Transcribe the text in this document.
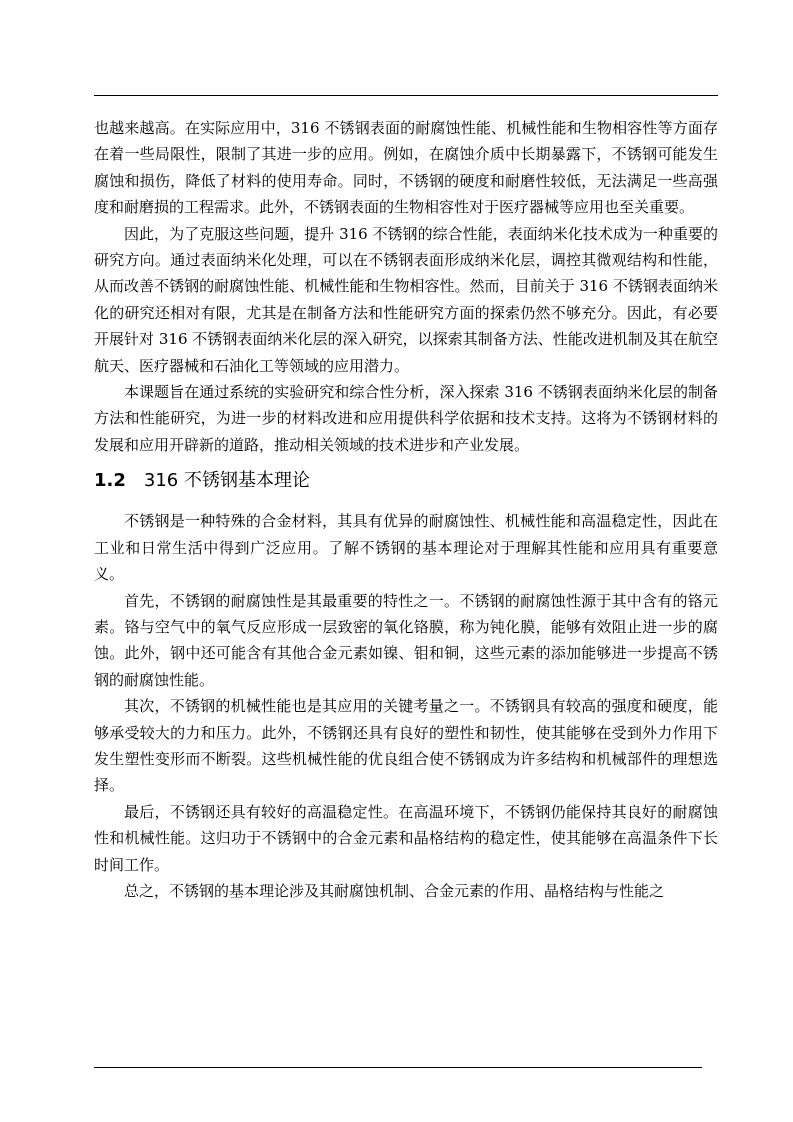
也越来越高。在实际应用中，316 不锈钢表面的耐腐蚀性能、机械性能和生物相容性等方面存在着一些局限性，限制了其进一步的应用。例如，在腐蚀介质中长期暴露下，不锈钢可能发生腐蚀和损伤，降低了材料的使用寿命。同时，不锈钢的硬度和耐磨性较低，无法满足一些高强度和耐磨损的工程需求。此外，不锈钢表面的生物相容性对于医疗器械等应用也至关重要。

因此，为了克服这些问题，提升 316 不锈钢的综合性能，表面纳米化技术成为一种重要的研究方向。通过表面纳米化处理，可以在不锈钢表面形成纳米化层，调控其微观结构和性能，从而改善不锈钢的耐腐蚀性能、机械性能和生物相容性。然而，目前关于 316 不锈钢表面纳米化的研究还相对有限，尤其是在制备方法和性能研究方面的探索仍然不够充分。因此，有必要开展针对 316 不锈钢表面纳米化层的深入研究，以探索其制备方法、性能改进机制及其在航空航天、医疗器械和石油化工等领域的应用潜力。

本课题旨在通过系统的实验研究和综合性分析，深入探索 316 不锈钢表面纳米化层的制备方法和性能研究，为进一步的材料改进和应用提供科学依据和技术支持。这将为不锈钢材料的发展和应用开辟新的道路，推动相关领域的技术进步和产业发展。

1.2 316 不锈钢基本理论

不锈钢是一种特殊的合金材料，其具有优异的耐腐蚀性、机械性能和高温稳定性，因此在工业和日常生活中得到广泛应用。了解不锈钢的基本理论对于理解其性能和应用具有重要意义。

首先，不锈钢的耐腐蚀性是其最重要的特性之一。不锈钢的耐腐蚀性源于其中含有的铬元素。铬与空气中的氧气反应形成一层致密的氧化铬膜，称为钝化膜，能够有效阻止进一步的腐蚀。此外，钢中还可能含有其他合金元素如镍、钼和铜，这些元素的添加能够进一步提高不锈钢的耐腐蚀性能。

其次，不锈钢的机械性能也是其应用的关键考量之一。不锈钢具有较高的强度和硬度，能够承受较大的力和压力。此外，不锈钢还具有良好的塑性和韧性，使其能够在受到外力作用下发生塑性变形而不断裂。这些机械性能的优良组合使不锈钢成为许多结构和机械部件的理想选择。

最后，不锈钢还具有较好的高温稳定性。在高温环境下，不锈钢仍能保持其良好的耐腐蚀性和机械性能。这归功于不锈钢中的合金元素和晶格结构的稳定性，使其能够在高温条件下长时间工作。

总之，不锈钢的基本理论涉及其耐腐蚀机制、合金元素的作用、晶格结构与性能之
